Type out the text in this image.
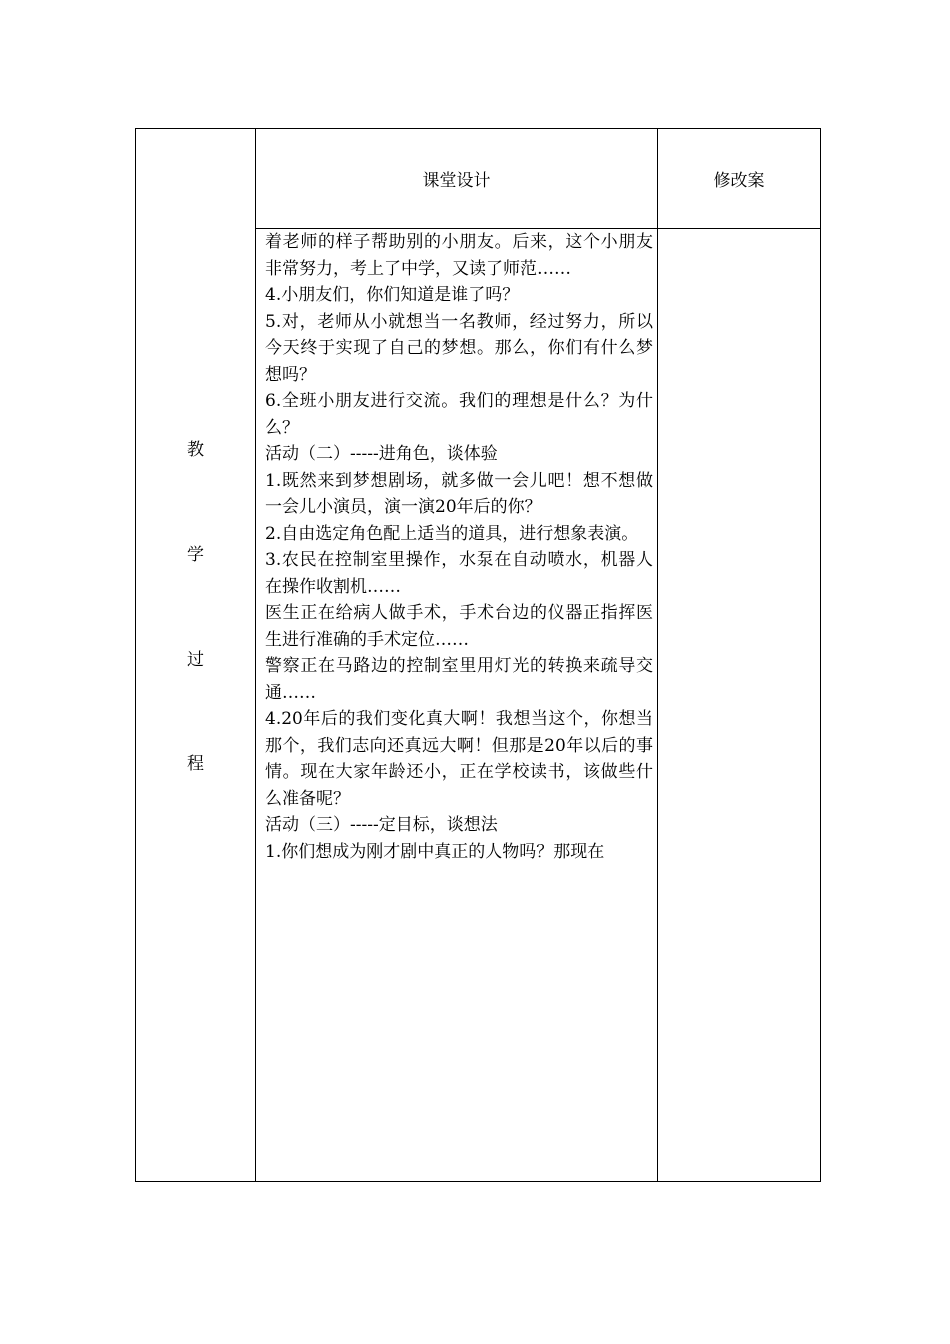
课堂设计	修改案
教
学
过
程

着老师的样子帮助别的小朋友。后来，这个小朋友非常努力，考上了中学，又读了师范……

4.小朋友们，你们知道是谁了吗？

5.对，老师从小就想当一名教师，经过努力，所以今天终于实现了自己的梦想。那么，你们有什么梦想吗？

6.全班小朋友进行交流。我们的理想是什么？为什么？

活动（二）-----进角色，谈体验

1.既然来到梦想剧场，就多做一会儿吧！想不想做一会儿小演员，演一演20年后的你？

2.自由选定角色配上适当的道具，进行想象表演。

3.农民在控制室里操作，水泵在自动喷水，机器人在操作收割机……

医生正在给病人做手术，手术台边的仪器正指挥医生进行准确的手术定位……

警察正在马路边的控制室里用灯光的转换来疏导交通……

4.20年后的我们变化真大啊！我想当这个，你想当那个，我们志向还真远大啊！但那是20年以后的事情。现在大家年龄还小，正在学校读书，该做些什么准备呢？

活动（三）-----定目标，谈想法

1.你们想成为刚才剧中真正的人物吗？那现在
